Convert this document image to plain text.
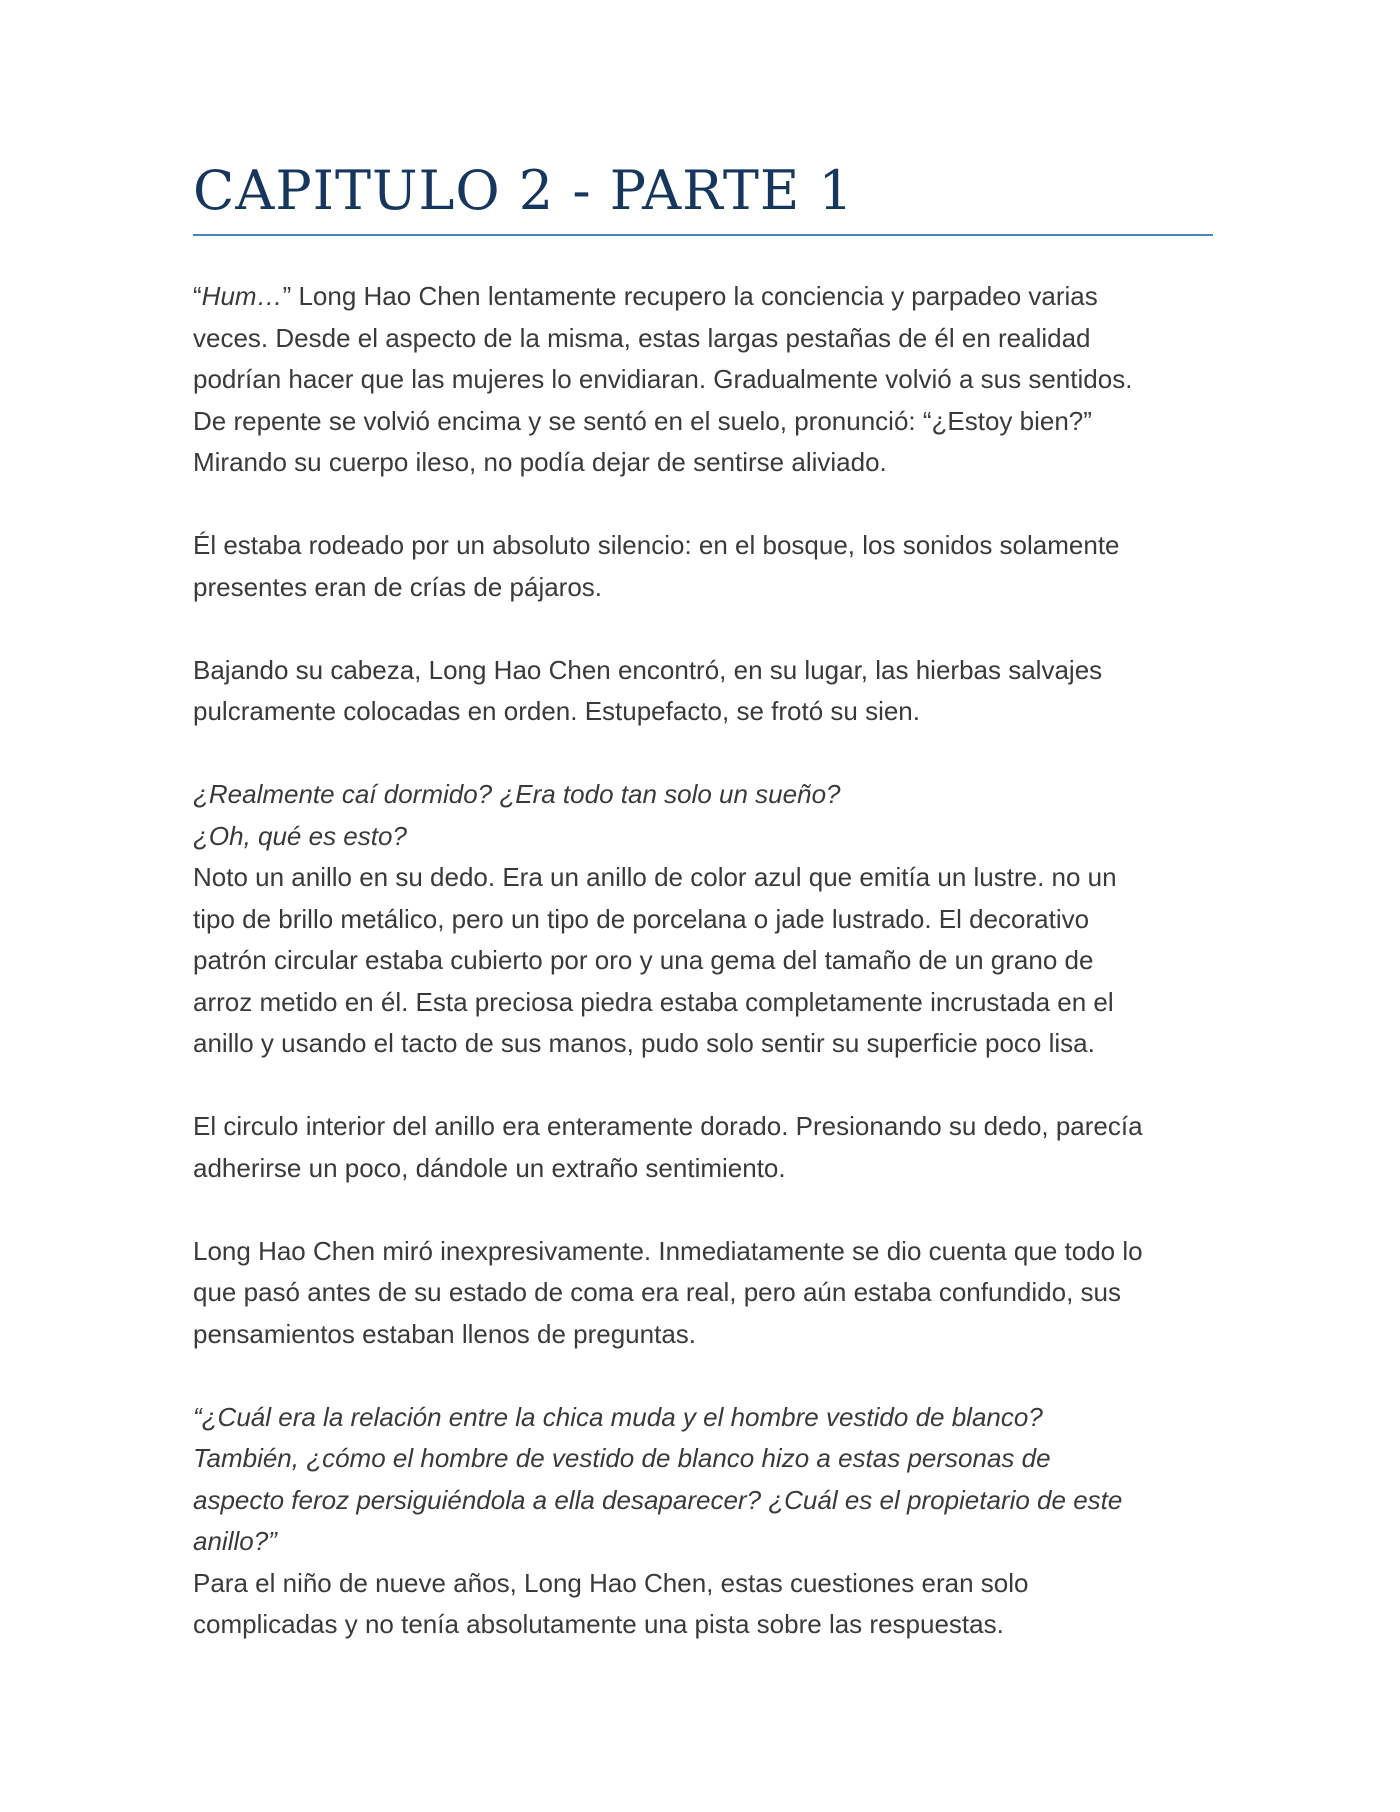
CAPITULO 2 - PARTE 1

“Hum…” Long Hao Chen lentamente recupero la conciencia y parpadeo varias
veces. Desde el aspecto de la misma, estas largas pestañas de él en realidad
podrían hacer que las mujeres lo envidiaran. Gradualmente volvió a sus sentidos.
De repente se volvió encima y se sentó en el suelo, pronunció: “¿Estoy bien?”
Mirando su cuerpo ileso, no podía dejar de sentirse aliviado.

Él estaba rodeado por un absoluto silencio: en el bosque, los sonidos solamente
presentes eran de crías de pájaros.

Bajando su cabeza, Long Hao Chen encontró, en su lugar, las hierbas salvajes
pulcramente colocadas en orden. Estupefacto, se frotó su sien.

¿Realmente caí dormido? ¿Era todo tan solo un sueño?
¿Oh, qué es esto?
Noto un anillo en su dedo. Era un anillo de color azul que emitía un lustre. no un
tipo de brillo metálico, pero un tipo de porcelana o jade lustrado. El decorativo
patrón circular estaba cubierto por oro y una gema del tamaño de un grano de
arroz metido en él. Esta preciosa piedra estaba completamente incrustada en el
anillo y usando el tacto de sus manos, pudo solo sentir su superficie poco lisa.

El circulo interior del anillo era enteramente dorado. Presionando su dedo, parecía
adherirse un poco, dándole un extraño sentimiento.

Long Hao Chen miró inexpresivamente. Inmediatamente se dio cuenta que todo lo
que pasó antes de su estado de coma era real, pero aún estaba confundido, sus
pensamientos estaban llenos de preguntas.

“¿Cuál era la relación entre la chica muda y el hombre vestido de blanco?
También, ¿cómo el hombre de vestido de blanco hizo a estas personas de
aspecto feroz persiguiéndola a ella desaparecer? ¿Cuál es el propietario de este
anillo?”
Para el niño de nueve años, Long Hao Chen, estas cuestiones eran solo
complicadas y no tenía absolutamente una pista sobre las respuestas.
